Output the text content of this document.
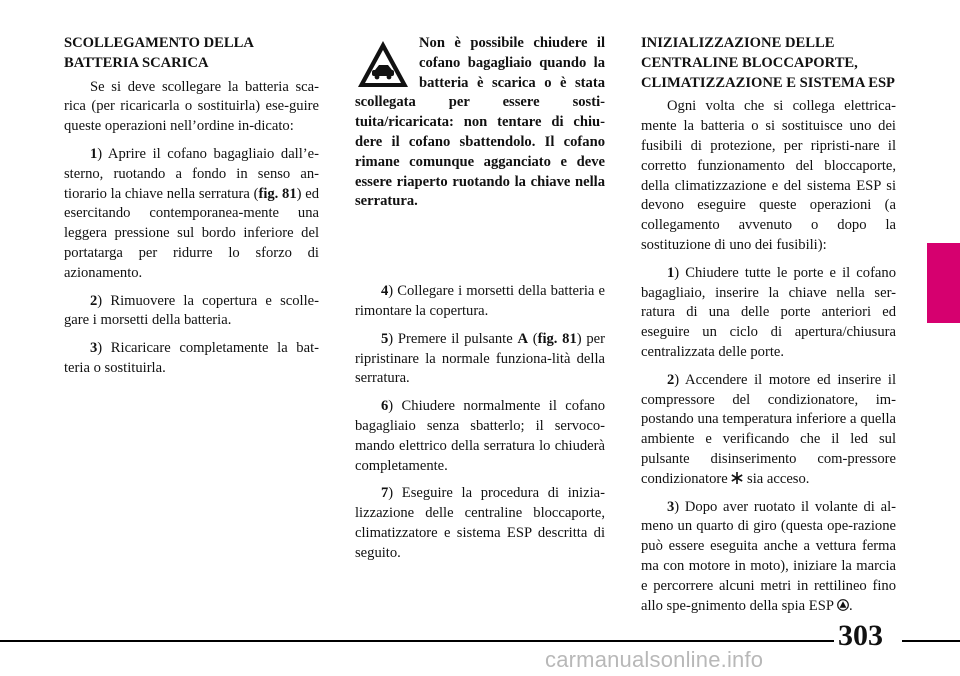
SCOLLEGAMENTO DELLA BATTERIA SCARICA

Se si deve scollegare la batteria sca-rica (per ricaricarla o sostituirla) ese-guire queste operazioni nell’ordine in-dicato:

1) Aprire il cofano bagagliaio dall’e-sterno, ruotando a fondo in senso an-tiorario la chiave nella serratura (fig. 81) ed esercitando contemporanea-mente una leggera pressione sul bordo inferiore del portatarga per ridurre lo sforzo di azionamento.

2) Rimuovere la copertura e scolle-gare i morsetti della batteria.

3) Ricaricare completamente la bat-teria o sostituirla.

Non è possibile chiudere il cofano bagagliaio quando la batteria è scarica o è stata scollegata per essere sosti-tuita/ricaricata: non tentare di chiu-dere il cofano sbattendolo. Il cofano rimane comunque agganciato e deve essere riaperto ruotando la chiave nella serratura.

4) Collegare i morsetti della batteria e rimontare la copertura.

5) Premere il pulsante A (fig. 81) per ripristinare la normale funziona-lità della serratura.

6) Chiudere normalmente il cofano bagagliaio senza sbatterlo; il servoco-mando elettrico della serratura lo chiuderà completamente.

7) Eseguire la procedura di inizia-lizzazione delle centraline bloccaporte, climatizzatore e sistema ESP descritta di seguito.

INIZIALIZZAZIONE DELLE CENTRALINE BLOCCAPORTE, CLIMATIZZAZIONE E SISTEMA ESP

Ogni volta che si collega elettrica-mente la batteria o si sostituisce uno dei fusibili di protezione, per ripristi-nare il corretto funzionamento del bloccaporte, della climatizzazione e del sistema ESP si devono eseguire queste operazioni (a collegamento avvenuto o dopo la sostituzione di uno dei fusibili):

1) Chiudere tutte le porte e il cofano bagagliaio, inserire la chiave nella ser-ratura di una delle porte anteriori ed eseguire un ciclo di apertura/chiusura centralizzata delle porte.

2) Accendere il motore ed inserire il compressore del condizionatore, im-postando una temperatura inferiore a quella ambiente e verificando che il led sul pulsante disinserimento com-pressore condizionatore  sia acceso.

3) Dopo aver ruotato il volante di al-meno un quarto di giro (questa ope-razione può essere eseguita anche a vettura ferma ma con motore in moto), iniziare la marcia e percorrere alcuni metri in rettilineo fino allo spe-gnimento della spia ESP .

303
carmanualsonline.info
